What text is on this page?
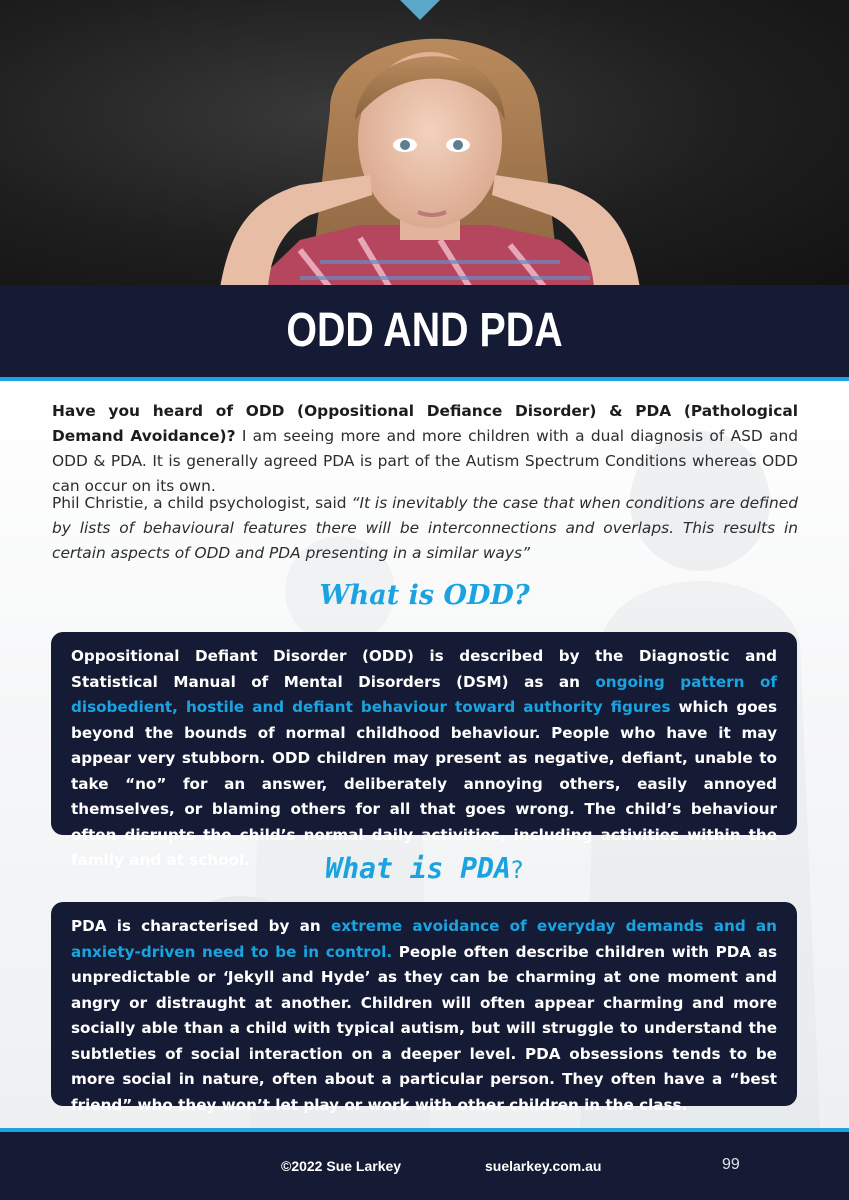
ODD AND PDA

Have you heard of ODD (Oppositional Defiance Disorder) & PDA (Pathological Demand Avoidance)? I am seeing more and more children with a dual diagnosis of ASD and ODD & PDA. It is generally agreed PDA is part of the Autism Spectrum Conditions whereas ODD can occur on its own.

Phil Christie, a child psychologist, said “It is inevitably the case that when conditions are defined by lists of behavioural features there will be interconnections and overlaps. This results in certain aspects of ODD and PDA presenting in a similar ways”

What is ODD?

Oppositional Defiant Disorder (ODD) is described by the Diagnostic and Statistical Manual of Mental Disorders (DSM) as an ongoing pattern of disobedient, hostile and defiant behaviour toward authority figures which goes beyond the bounds of normal childhood behaviour. People who have it may appear very stubborn. ODD children may present as negative, defiant, unable to take “no” for an answer, deliberately annoying others, easily annoyed themselves, or blaming others for all that goes wrong. The child’s behaviour often disrupts the child’s normal daily activities, including activities within the family and at school.	What is PDA?

PDA is characterised by an extreme avoidance of everyday demands and an anxiety-driven need to be in control. People often describe children with PDA as unpredictable or ‘Jekyll and Hyde’ as they can be charming at one moment and angry or distraught at another. Children will often appear charming and more socially able than a child with typical autism, but will struggle to understand the subtleties of social interaction on a deeper level. PDA obsessions tends to be more social in nature, often about a particular person. They often have a “best friend” who they won’t let play or work with other children in the class.

©2022 Sue Larkey	suelarkey.com.au	99
